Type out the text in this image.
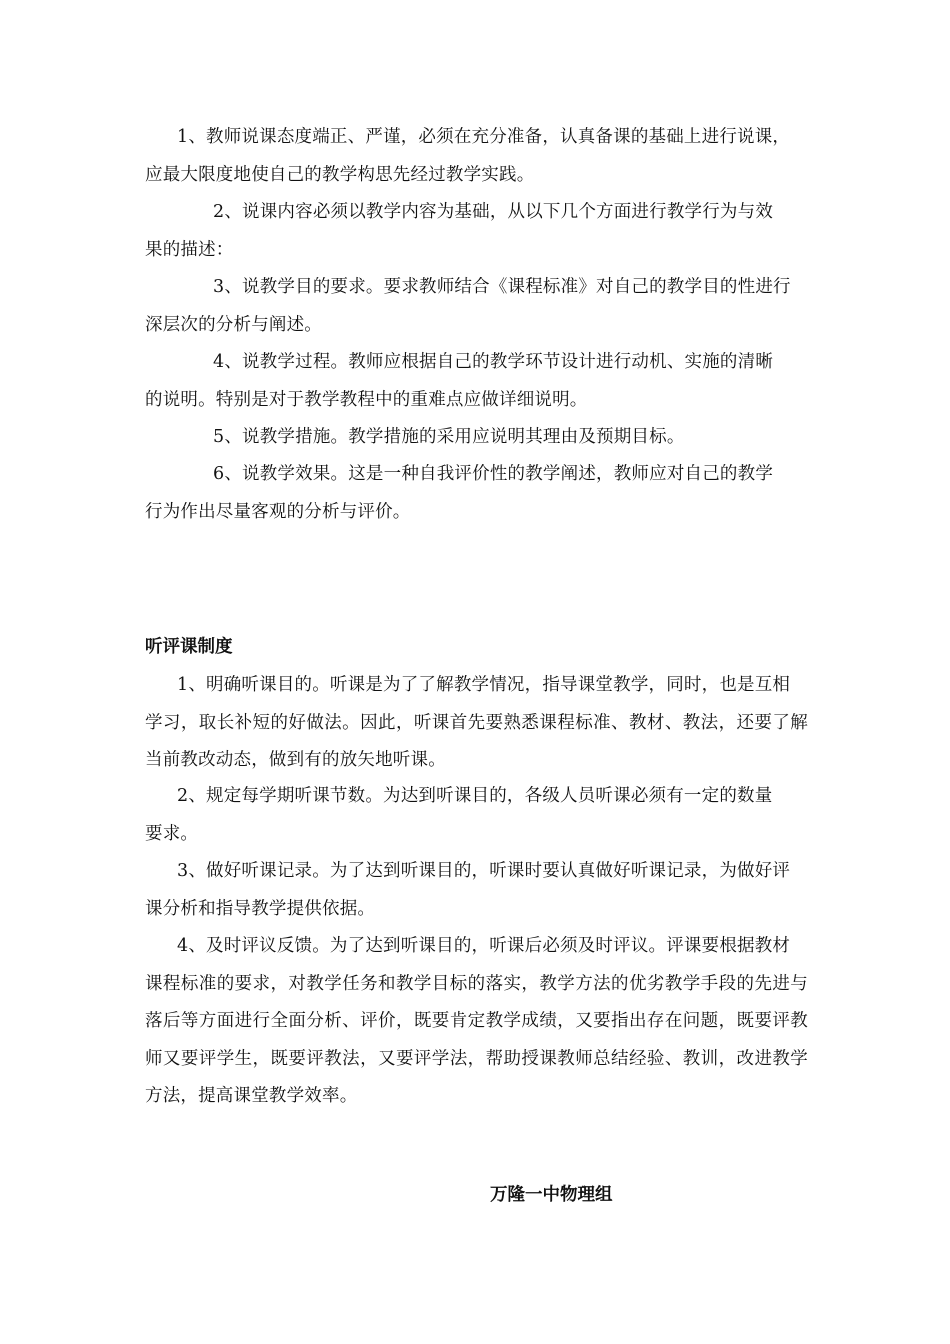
1、教师说课态度端正、严谨，必须在充分准备，认真备课的基础上进行说课，
应最大限度地使自己的教学构思先经过教学实践。
2、说课内容必须以教学内容为基础，从以下几个方面进行教学行为与效
果的描述：
3、说教学目的要求。要求教师结合《课程标准》对自己的教学目的性进行
深层次的分析与阐述。
4、说教学过程。教师应根据自己的教学环节设计进行动机、实施的清晰
的说明。特别是对于教学教程中的重难点应做详细说明。
5、说教学措施。教学措施的采用应说明其理由及预期目标。
6、说教学效果。这是一种自我评价性的教学阐述，教师应对自己的教学
行为作出尽量客观的分析与评价。
听评课制度
1、明确听课目的。听课是为了了解教学情况，指导课堂教学，同时，也是互相
学习，取长补短的好做法。因此，听课首先要熟悉课程标准、教材、教法，还要了解当前教改动态，做到有的放矢地听课。
2、规定每学期听课节数。为达到听课目的，各级人员听课必须有一定的数量
要求。
3、做好听课记录。为了达到听课目的，听课时要认真做好听课记录，为做好评
课分析和指导教学提供依据。
4、及时评议反馈。为了达到听课目的，听课后必须及时评议。评课要根据教材
课程标准的要求，对教学任务和教学目标的落实，教学方法的优劣教学手段的先进与落后等方面进行全面分析、评价，既要肯定教学成绩，又要指出存在问题，既要评教师又要评学生，既要评教法，又要评学法，帮助授课教师总结经验、教训，改进教学方法，提高课堂教学效率。
万隆一中物理组
